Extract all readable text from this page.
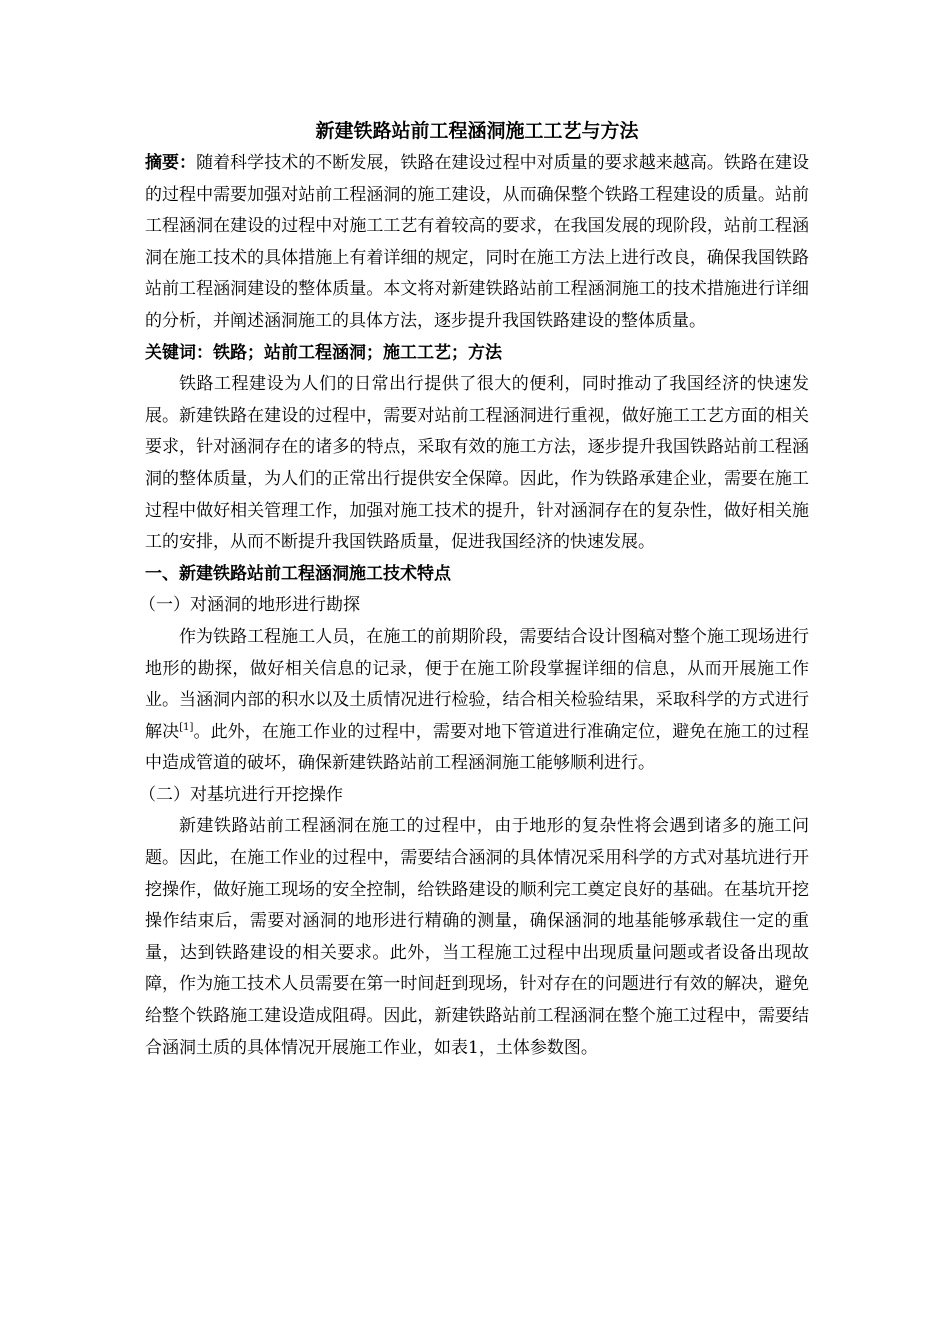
新建铁路站前工程涵洞施工工艺与方法

摘要：随着科学技术的不断发展，铁路在建设过程中对质量的要求越来越高。铁路在建设的过程中需要加强对站前工程涵洞的施工建设，从而确保整个铁路工程建设的质量。站前工程涵洞在建设的过程中对施工工艺有着较高的要求，在我国发展的现阶段，站前工程涵洞在施工技术的具体措施上有着详细的规定，同时在施工方法上进行改良，确保我国铁路站前工程涵洞建设的整体质量。本文将对新建铁路站前工程涵洞施工的技术措施进行详细的分析，并阐述涵洞施工的具体方法，逐步提升我国铁路建设的整体质量。

关键词：铁路；站前工程涵洞；施工工艺；方法

铁路工程建设为人们的日常出行提供了很大的便利，同时推动了我国经济的快速发展。新建铁路在建设的过程中，需要对站前工程涵洞进行重视，做好施工工艺方面的相关要求，针对涵洞存在的诸多的特点，采取有效的施工方法，逐步提升我国铁路站前工程涵洞的整体质量，为人们的正常出行提供安全保障。因此，作为铁路承建企业，需要在施工过程中做好相关管理工作，加强对施工技术的提升，针对涵洞存在的复杂性，做好相关施工的安排，从而不断提升我国铁路质量，促进我国经济的快速发展。

一、新建铁路站前工程涵洞施工技术特点
（一）对涵洞的地形进行勘探

作为铁路工程施工人员，在施工的前期阶段，需要结合设计图稿对整个施工现场进行地形的勘探，做好相关信息的记录，便于在施工阶段掌握详细的信息，从而开展施工作业。当涵洞内部的积水以及土质情况进行检验，结合相关检验结果，采取科学的方式进行解决[1]。此外，在施工作业的过程中，需要对地下管道进行准确定位，避免在施工的过程中造成管道的破坏，确保新建铁路站前工程涵洞施工能够顺利进行。

（二）对基坑进行开挖操作

新建铁路站前工程涵洞在施工的过程中，由于地形的复杂性将会遇到诸多的施工问题。因此，在施工作业的过程中，需要结合涵洞的具体情况采用科学的方式对基坑进行开挖操作，做好施工现场的安全控制，给铁路建设的顺利完工奠定良好的基础。在基坑开挖操作结束后，需要对涵洞的地形进行精确的测量，确保涵洞的地基能够承载住一定的重量，达到铁路建设的相关要求。此外，当工程施工过程中出现质量问题或者设备出现故障，作为施工技术人员需要在第一时间赶到现场，针对存在的问题进行有效的解决，避免给整个铁路施工建设造成阻碍。因此，新建铁路站前工程涵洞在整个施工过程中，需要结合涵洞土质的具体情况开展施工作业，如表1，土体参数图。
